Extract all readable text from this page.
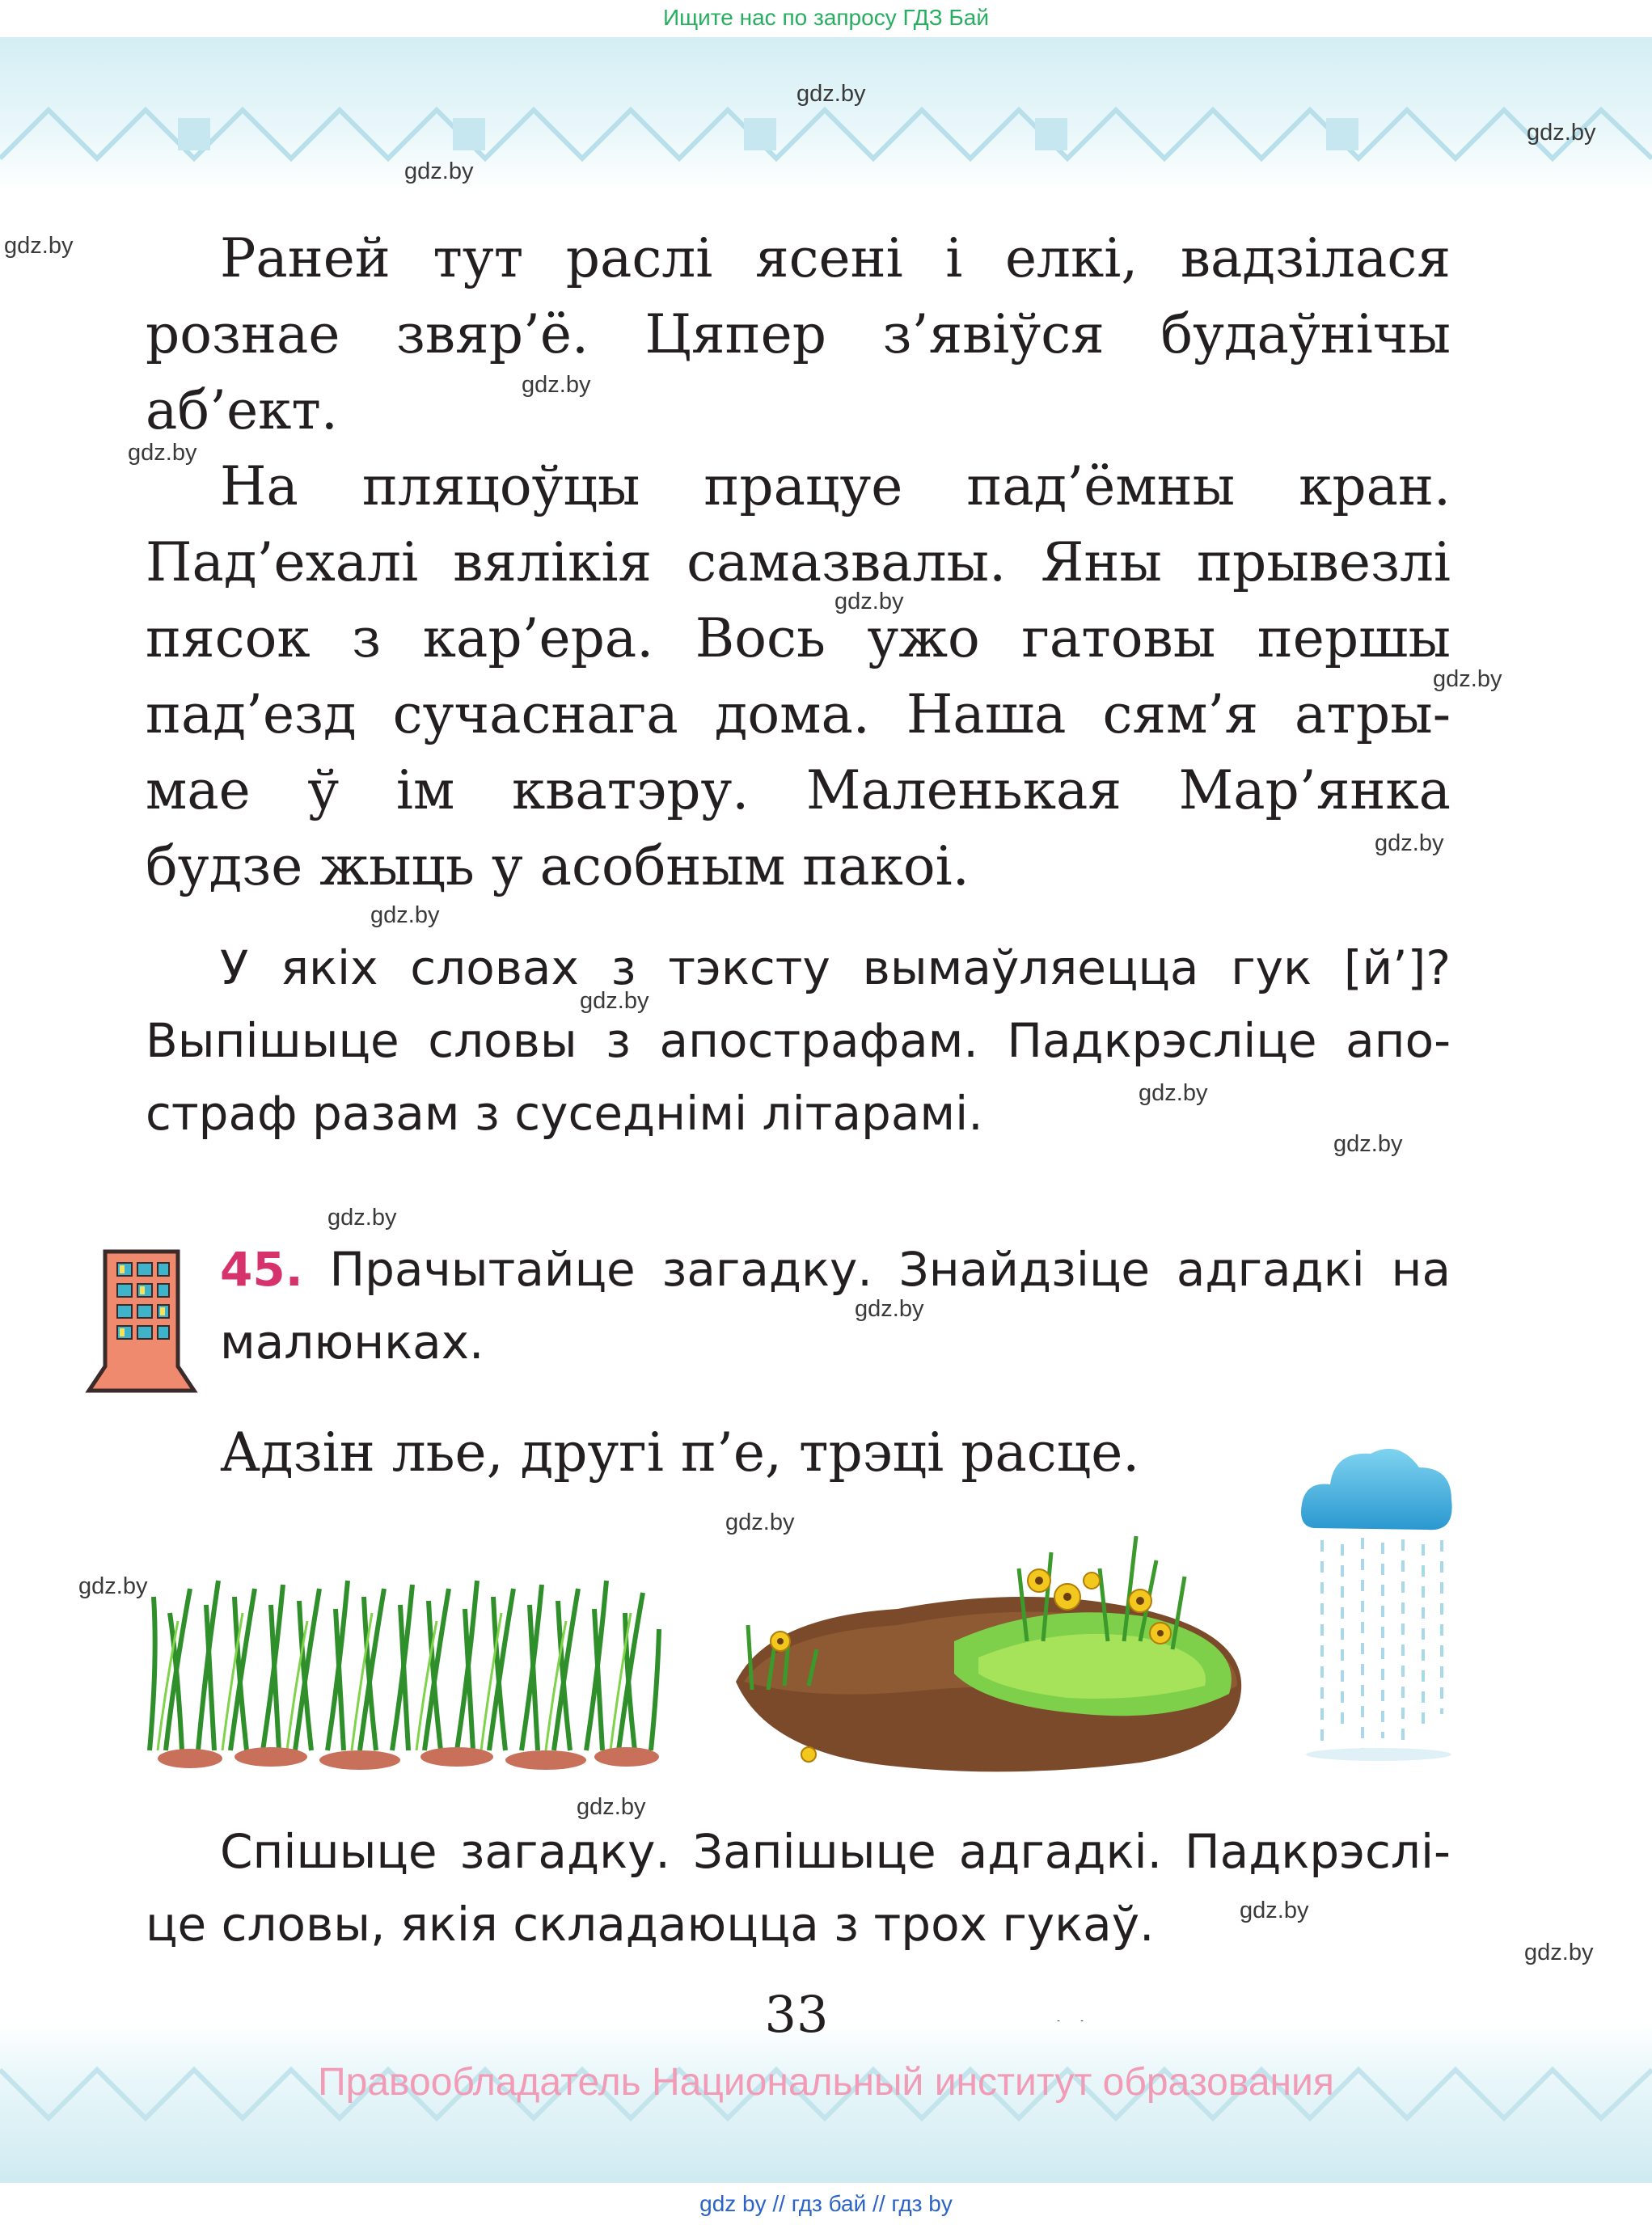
Ищите нас по запросу ГДЗ Бай
gdz.by
gdz.by
gdz.by
gdz.by
gdz.by
gdz.by
gdz.by
gdz.by
gdz.by
gdz.by
gdz.by
gdz.by
gdz.by
gdz.by
gdz.by
gdz.by
gdz.by
gdz.by
gdz.by
gdz.by
Раней тут раслі ясені і елкі, вадзілася
рознае звяр’ё. Цяпер з’явіўся будаўнічы
аб’ект.
На пляцоўцы працуе пад’ёмны кран.
Пад’ехалі вялікія самазвалы. Яны прывезлі
пясок з кар’ера. Вось ужо гатовы першы
пад’езд сучаснага дома. Наша сям’я атры-
мае ў ім кватэру. Маленькая Мар’янка
будзе жыць у асобным пакоі.
У якіх словах з тэксту вымаўляецца гук [й’]?
Выпішыце словы з апострафам. Падкрэсліце апо-
страф разам з суседнімі літарамі.
45. Прачытайце загадку. Знайдзіце адгадкі на
малюнках.
Адзін лье, другі п’е, трэці расце.
Спішыце загадку. Запішыце адгадкі. Падкрэслі-
це словы, якія складаюцца з трох гукаў.
33
Правообладатель Национальный институт образования
gdz by // гдз бай // гдз by
